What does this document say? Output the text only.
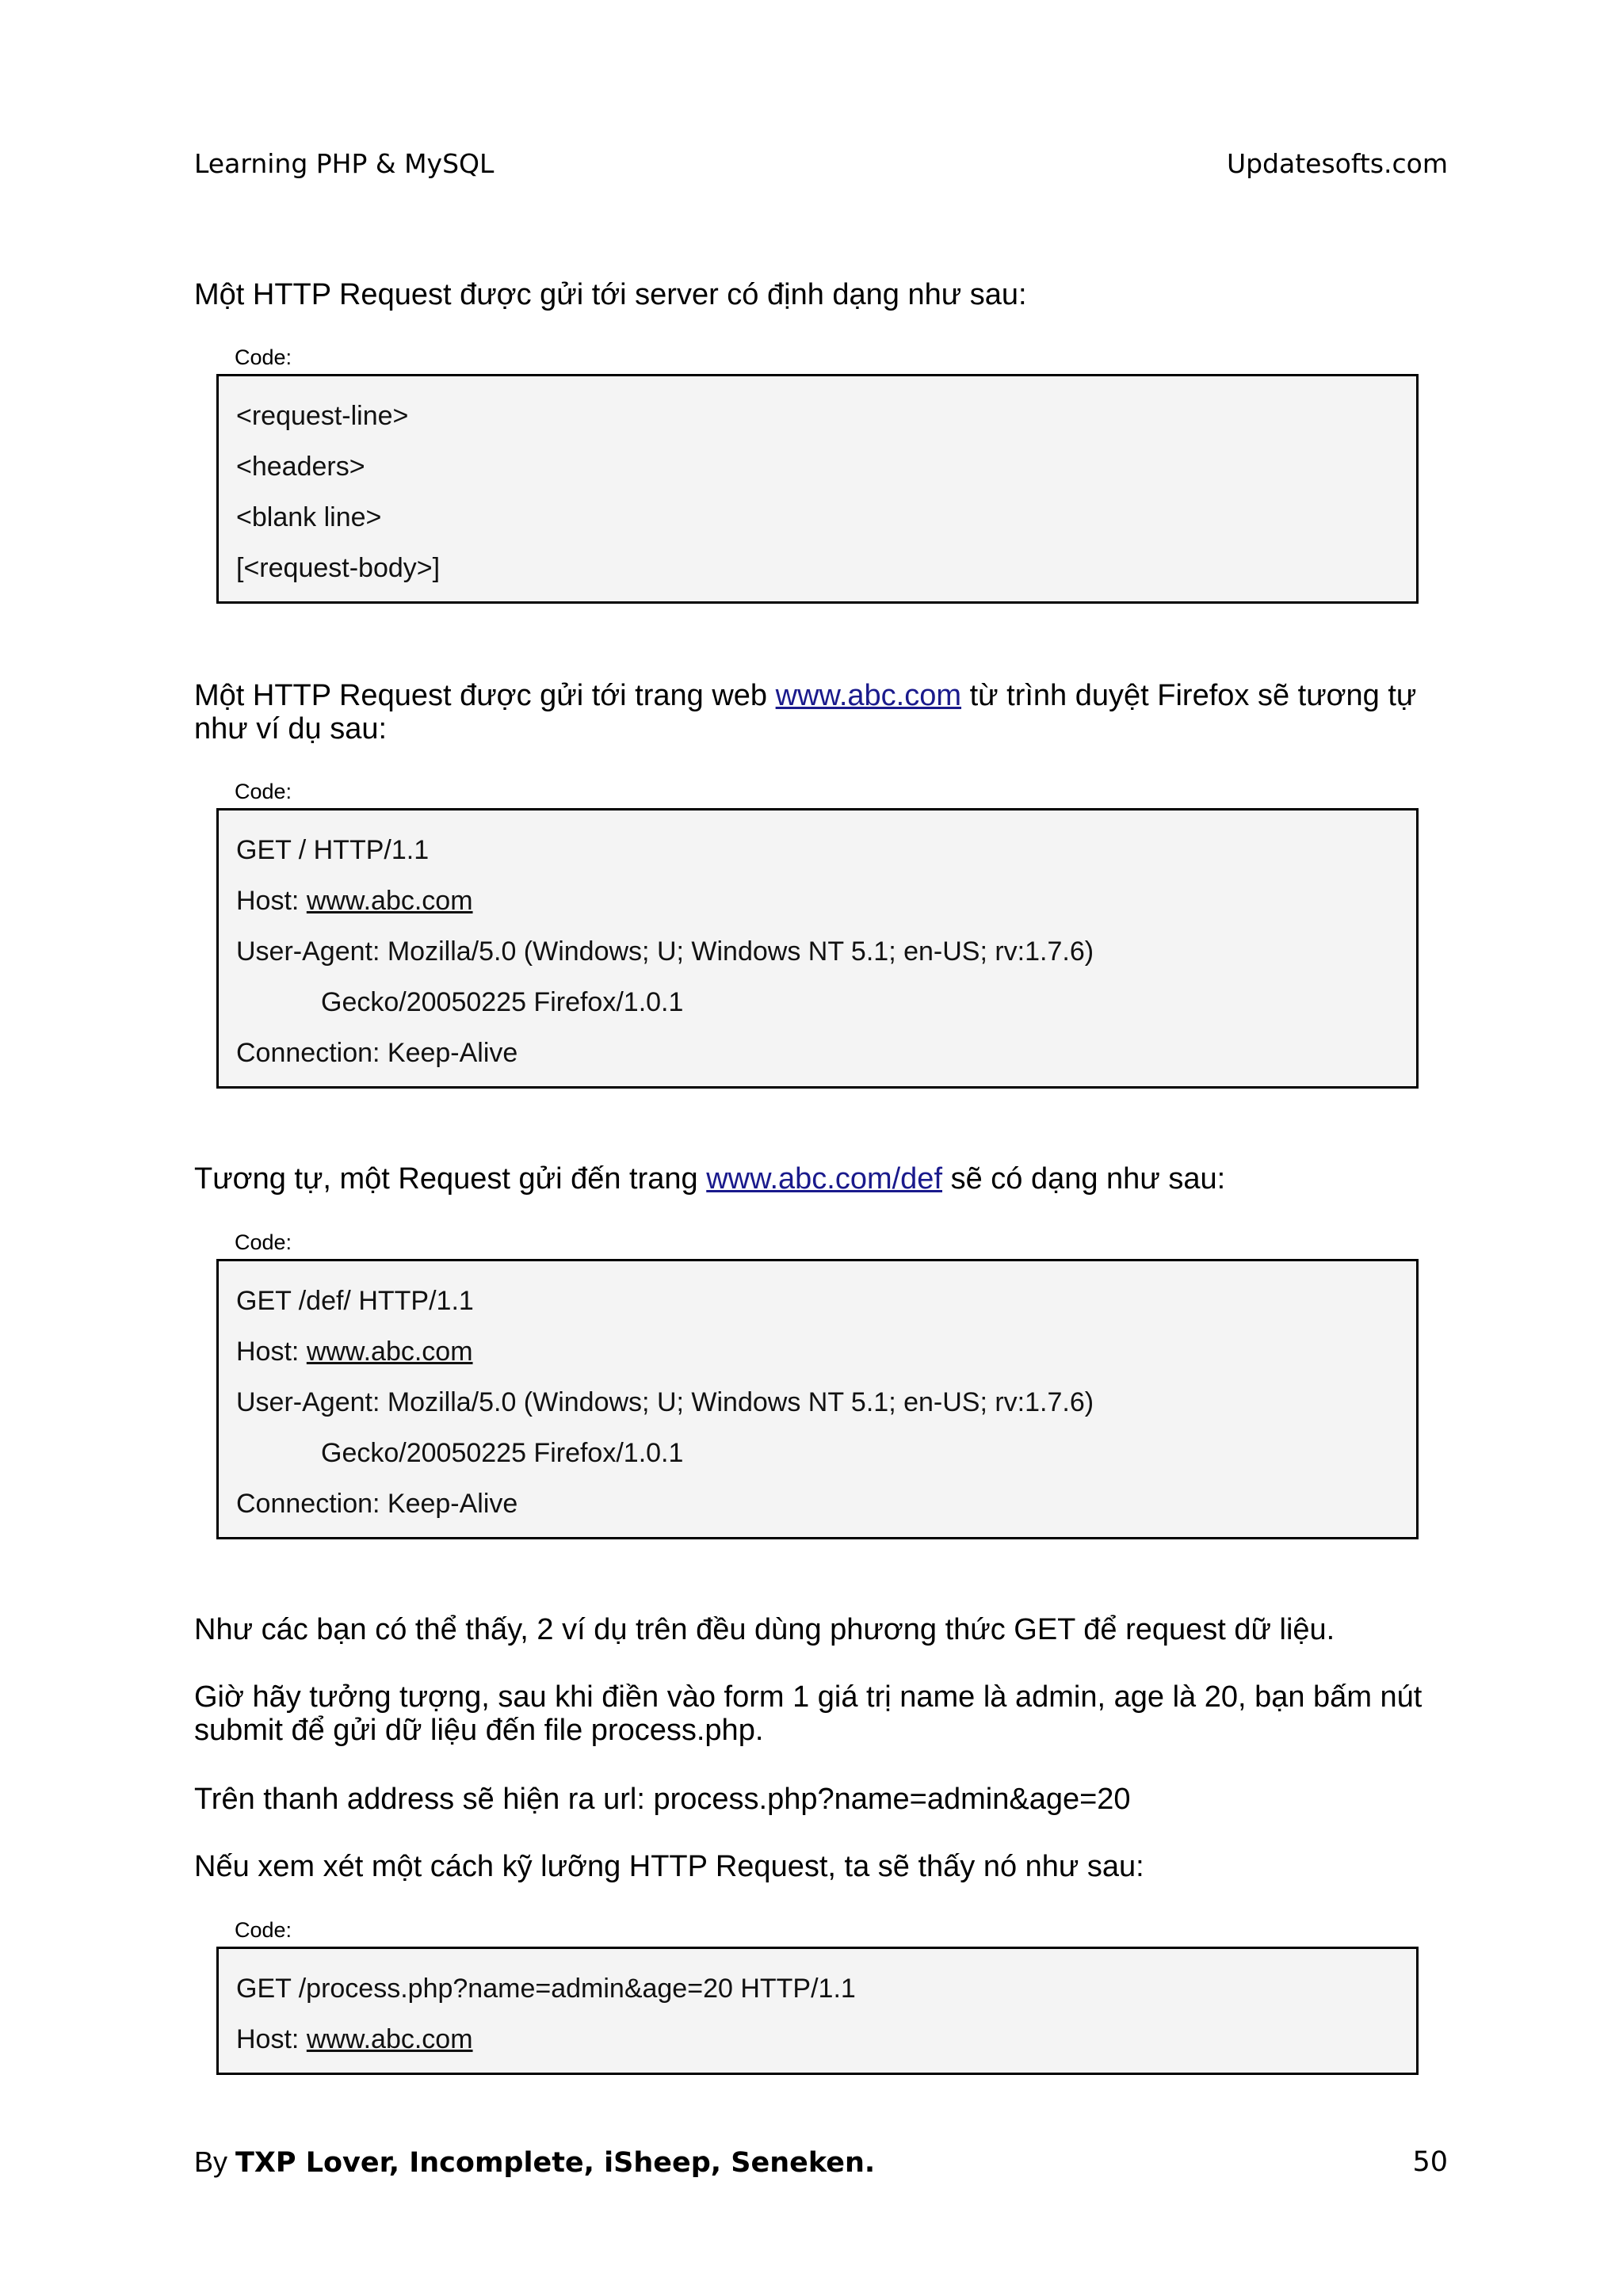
Learning PHP & MySQL	Updatesofts.com

Một HTTP Request được gửi tới server có định dạng như sau:

Code:
<request-line>
<headers>
<blank line>
[<request-body>]

Một HTTP Request được gửi tới trang web www.abc.com từ trình duyệt Firefox sẽ tương tự như ví dụ sau:

Code:
GET / HTTP/1.1
Host: www.abc.com
User-Agent: Mozilla/5.0 (Windows; U; Windows NT 5.1; en-US; rv:1.7.6)
Gecko/20050225 Firefox/1.0.1
Connection: Keep-Alive

Tương tự, một Request gửi đến trang www.abc.com/def sẽ có dạng như sau:

Code:
GET /def/ HTTP/1.1
Host: www.abc.com
User-Agent: Mozilla/5.0 (Windows; U; Windows NT 5.1; en-US; rv:1.7.6)
Gecko/20050225 Firefox/1.0.1
Connection: Keep-Alive

Như các bạn có thể thấy, 2 ví dụ trên đều dùng phương thức GET để request dữ liệu.

Giờ hãy tưởng tượng, sau khi điền vào form 1 giá trị name là admin, age là 20, bạn bấm nút submit để gửi dữ liệu đến file process.php.

Trên thanh address sẽ hiện ra url: process.php?name=admin&age=20

Nếu xem xét một cách kỹ lưỡng HTTP Request, ta sẽ thấy nó như sau:

Code:
GET /process.php?name=admin&age=20 HTTP/1.1
Host: www.abc.com
By TXP Lover, Incomplete, iSheep, Seneken.	50
